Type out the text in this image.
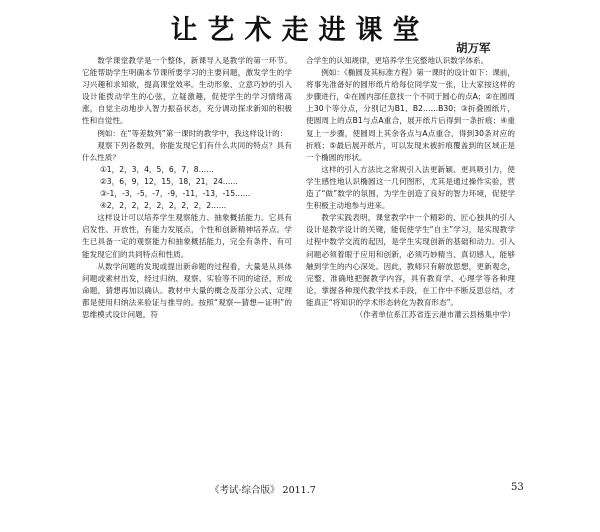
让艺术走进课堂
胡万军

数学课堂教学是一个整体，新课导入是教学的第一环节。它能帮助学生明确本节课所要学习的主要问题，激发学生的学习兴趣和求知欲，提高课堂效率。生动形象、立意巧妙的引入设计能拨动学生的心弦，立疑激趣，促使学生的学习情绪高涨，自觉主动地步入智力振奋状态，充分调动探求新知的积极性和自觉性。

例如：在“等差数列”第一课时的教学中，我这样设计的：

观察下列各数列，你能发现它们有什么共同的特点？具有什么性质？

①1，2，3，4，5，6，7，8……
②3，6，9，12，15，18，21，24……
③-1，-3，-5，-7，-9，-11，-13，-15……
④2，2，2，2，2，2，2，2，2……

这样设计可以培养学生观察能力、抽象概括能力。它具有启发性、开放性，有能力发展点，个性和创新精神培养点。学生已具备一定的观察能力和抽象概括能力，完全有条件、有可能发现它们的共同特点和性质。

从数学问题的发现或提出新命题的过程看，大量是从具体问题或素材出发，经过归纳、观察、实验等不同的途径，形成命题，猜想再加以确认。教材中大量的概念及部分公式、定理都是使用归纳法来验证与推导的。按照“观察—猜想—证明”的思维模式设计问题，符

合学生的认知规律，更培养学生完整地认识数学体系。

例如：《椭圆及其标准方程》第一课时的设计如下：课前，将事先准备好的圆形纸片给每位同学发一张，让大家按这样的步骤进行，①在圆内部任意找一个不同于圆心的点A；②在圆周上30个等分点，分别记为B1、B2……B30；③折叠圆纸片，使圆周上的点B1与点A重合，展开纸片后得到一条折痕；④重复上一步骤，使圆周上其余各点与A点重合，得到30条对应的折痕；⑤最后展开纸片，可以发现未被折痕覆盖到的区域正是一个椭圆的形状。

这样的引入方法比之常规引入法更新颖、更具吸引力，使学生感性地认识椭圆这一几何图形，尤其是通过操作实验，营造了“做”数学的氛围，为学生创造了良好的智力环境，促使学生积极主动地参与进来。

教学实践表明，课堂教学中一个精彩的、匠心独具的引入设计是教学设计的关键，能促使学生“自主”学习，是实现教学过程中数学交流的起因，是学生实现创新的基础和动力。引入问题必须着眼于应用和创新，必须巧妙精当、真切感人，能够触到学生的内心深处。因此，教师只有解放思想，更新观念，完整、准确地把握教学内容，具有教育学、心理学等各种理论，掌握各种现代教学技术手段，在工作中不断反思总结，才能真正“将知识的学术形态转化为教育形态”。

（作者单位系江苏省连云港市灌云县杨集中学）

《考试·综合版》 2011.7	53
